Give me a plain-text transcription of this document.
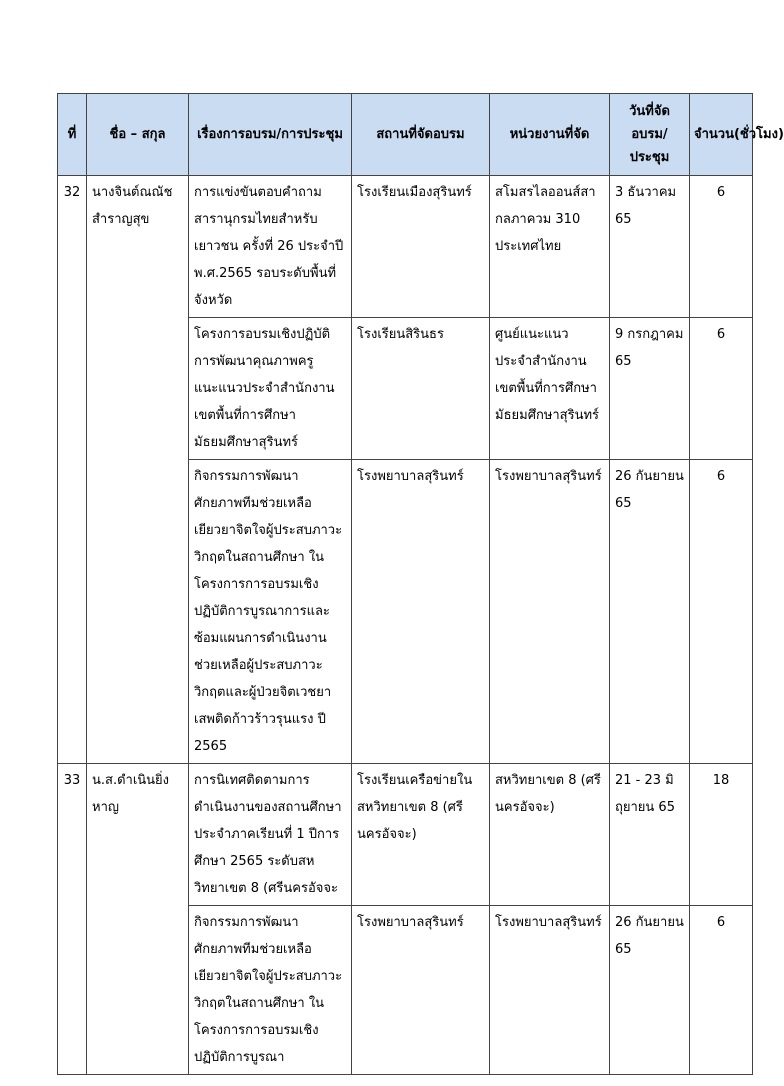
ที่	ชื่อ – สกุล	เรื่องการอบรม/การประชุม	สถานที่จัดอบรม	หน่วยงานที่จัด	วันที่จัดอบรม/ประชุม	จำนวน(ชั่วโมง)
32	นางจินต์ณณัชสำราญสุข	การแข่งขันตอบคำถามสารานุกรมไทยสำหรับเยาวชน ครั้งที่ 26 ประจำปี พ.ศ.2565 รอบระดับพื้นที่จังหวัด	โรงเรียนเมืองสุรินทร์	สโมสรไลออนส์สากลภาควม 310 ประเทศไทย	3 ธันวาคม 65	6
		โครงการอบรมเชิงปฏิบัติการพัฒนาคุณภาพครูแนะแนวประจำสำนักงานเขตพื้นที่การศึกษามัธยมศึกษาสุรินทร์	โรงเรียนสิรินธร	ศูนย์แนะแนวประจำสำนักงานเขตพื้นที่การศึกษามัธยมศึกษาสุรินทร์	9 กรกฎาคม 65	6
		กิจกรรมการพัฒนาศักยภาพทีมช่วยเหลือเยียวยาจิตใจผู้ประสบภาวะวิกฤตในสถานศึกษา ในโครงการการอบรมเชิงปฏิบัติการบูรณาการและซ้อมแผนการดำเนินงานช่วยเหลือผู้ประสบภาวะวิกฤตและผู้ป่วยจิตเวชยาเสพติดก้าวร้าวรุนแรง ปี 2565	โรงพยาบาลสุรินทร์	โรงพยาบาลสุรินทร์	26 กันยายน 65	6
33	น.ส.ดำเนินยิ่งหาญ	การนิเทศติดตามการดำเนินงานของสถานศึกษาประจำภาคเรียนที่ 1 ปีการศึกษา 2565 ระดับสหวิทยาเขต 8 (ศรีนครอัจจะ	โรงเรียนเครือข่ายในสหวิทยาเขต 8 (ศรีนครอัจจะ)	สหวิทยาเขต 8 (ศรีนครอัจจะ)	21 - 23 มิถุยายน 65	18
		กิจกรรมการพัฒนาศักยภาพทีมช่วยเหลือเยียวยาจิตใจผู้ประสบภาวะวิกฤตในสถานศึกษา ในโครงการการอบรมเชิงปฏิบัติการบูรณา	โรงพยาบาลสุรินทร์	โรงพยาบาลสุรินทร์	26 กันยายน 65	6
